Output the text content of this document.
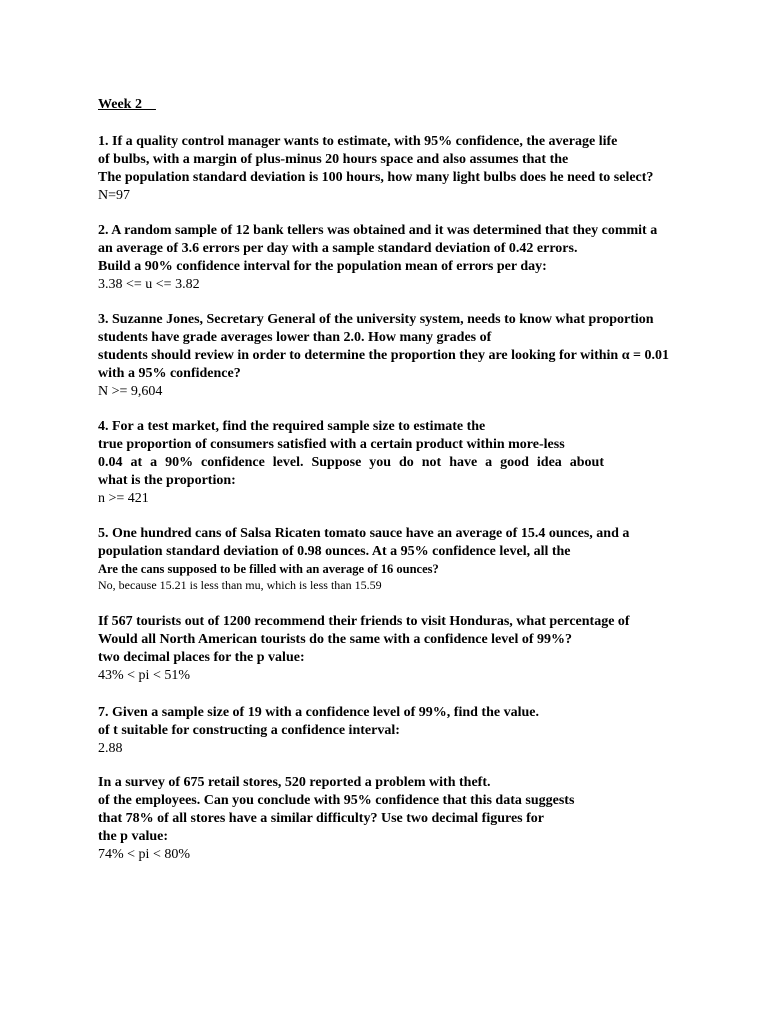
Week 2
1. If a quality control manager wants to estimate, with 95% confidence, the average life
of bulbs, with a margin of plus-minus 20 hours space and also assumes that the
The population standard deviation is 100 hours, how many light bulbs does he need to select?
N=97
2. A random sample of 12 bank tellers was obtained and it was determined that they commit a
an average of 3.6 errors per day with a sample standard deviation of 0.42 errors.
Build a 90% confidence interval for the population mean of errors per day:
3.38 <= u <= 3.82
3. Suzanne Jones, Secretary General of the university system, needs to know what proportion
students have grade averages lower than 2.0. How many grades of
students should review in order to determine the proportion they are looking for within α = 0.01
with a 95% confidence?
N >= 9,604
4. For a test market, find the required sample size to estimate the
true proportion of consumers satisfied with a certain product within more-less
0.04 at a 90% confidence level. Suppose you do not have a good idea about
what is the proportion:
n >= 421
5. One hundred cans of Salsa Ricaten tomato sauce have an average of 15.4 ounces, and a
population standard deviation of 0.98 ounces. At a 95% confidence level, all the
Are the cans supposed to be filled with an average of 16 ounces?
No, because 15.21 is less than mu, which is less than 15.59
If 567 tourists out of 1200 recommend their friends to visit Honduras, what percentage of
Would all North American tourists do the same with a confidence level of 99%?
two decimal places for the p value:
43% < pi < 51%
7. Given a sample size of 19 with a confidence level of 99%, find the value.
of t suitable for constructing a confidence interval:
2.88
In a survey of 675 retail stores, 520 reported a problem with theft.
of the employees. Can you conclude with 95% confidence that this data suggests
that 78% of all stores have a similar difficulty? Use two decimal figures for
the p value:
74% < pi < 80%
